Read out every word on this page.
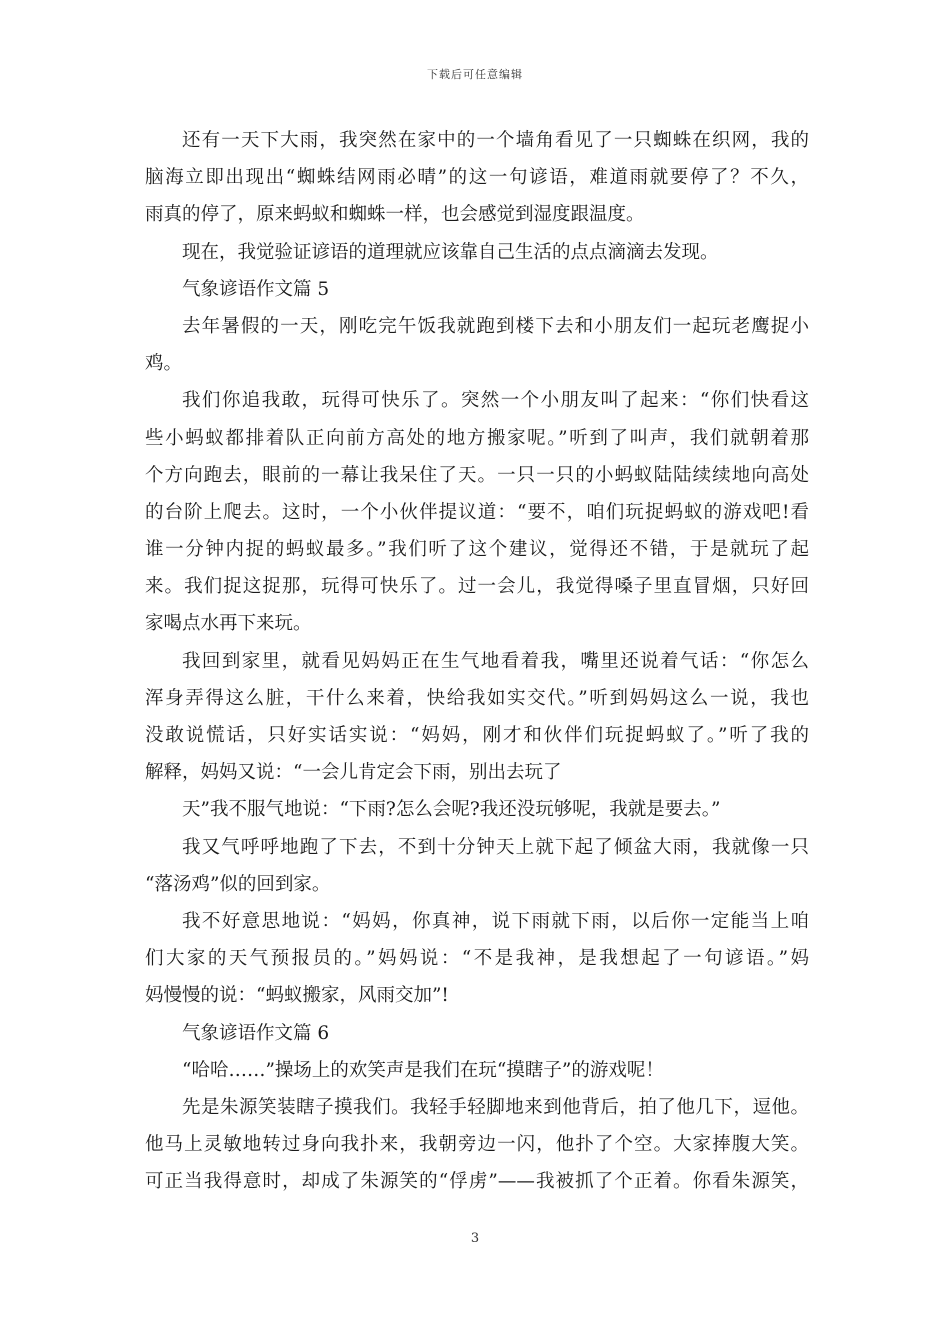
下载后可任意编辑
还有一天下大雨，我突然在家中的一个墙角看见了一只蜘蛛在织网，我的
脑海立即出现出“蜘蛛结网雨必晴”的这一句谚语，难道雨就要停了？不久，
雨真的停了，原来蚂蚁和蜘蛛一样，也会感觉到湿度跟温度。
现在，我觉验证谚语的道理就应该靠自己生活的点点滴滴去发现。
气象谚语作文篇 5
去年暑假的一天，刚吃完午饭我就跑到楼下去和小朋友们一起玩老鹰捉小
鸡。
我们你追我敢，玩得可快乐了。突然一个小朋友叫了起来：“你们快看这
些小蚂蚁都排着队正向前方高处的地方搬家呢。”听到了叫声，我们就朝着那
个方向跑去，眼前的一幕让我呆住了天。一只一只的小蚂蚁陆陆续续地向高处
的台阶上爬去。这时，一个小伙伴提议道：“要不，咱们玩捉蚂蚁的游戏吧!看
谁一分钟内捉的蚂蚁最多。”我们听了这个建议，觉得还不错，于是就玩了起
来。我们捉这捉那，玩得可快乐了。过一会儿，我觉得嗓子里直冒烟，只好回
家喝点水再下来玩。
我回到家里，就看见妈妈正在生气地看着我，嘴里还说着气话：“你怎么
浑身弄得这么脏，干什么来着，快给我如实交代。”听到妈妈这么一说，我也
没敢说慌话，只好实话实说：“妈妈，刚才和伙伴们玩捉蚂蚁了。”听了我的
解释，妈妈又说：“一会儿肯定会下雨，别出去玩了
天”我不服气地说：“下雨?怎么会呢?我还没玩够呢，我就是要去。”
我又气呼呼地跑了下去，不到十分钟天上就下起了倾盆大雨，我就像一只
“落汤鸡”似的回到家。
我不好意思地说：“妈妈，你真神，说下雨就下雨，以后你一定能当上咱
们大家的天气预报员的。”妈妈说：“不是我神，是我想起了一句谚语。”妈
妈慢慢的说：“蚂蚁搬家，风雨交加”!
气象谚语作文篇 6
“哈哈……”操场上的欢笑声是我们在玩“摸瞎子”的游戏呢！
先是朱源笑装瞎子摸我们。我轻手轻脚地来到他背后，拍了他几下，逗他。
他马上灵敏地转过身向我扑来，我朝旁边一闪，他扑了个空。大家捧腹大笑。
可正当我得意时，却成了朱源笑的“俘虏”——我被抓了个正着。你看朱源笑，
3
